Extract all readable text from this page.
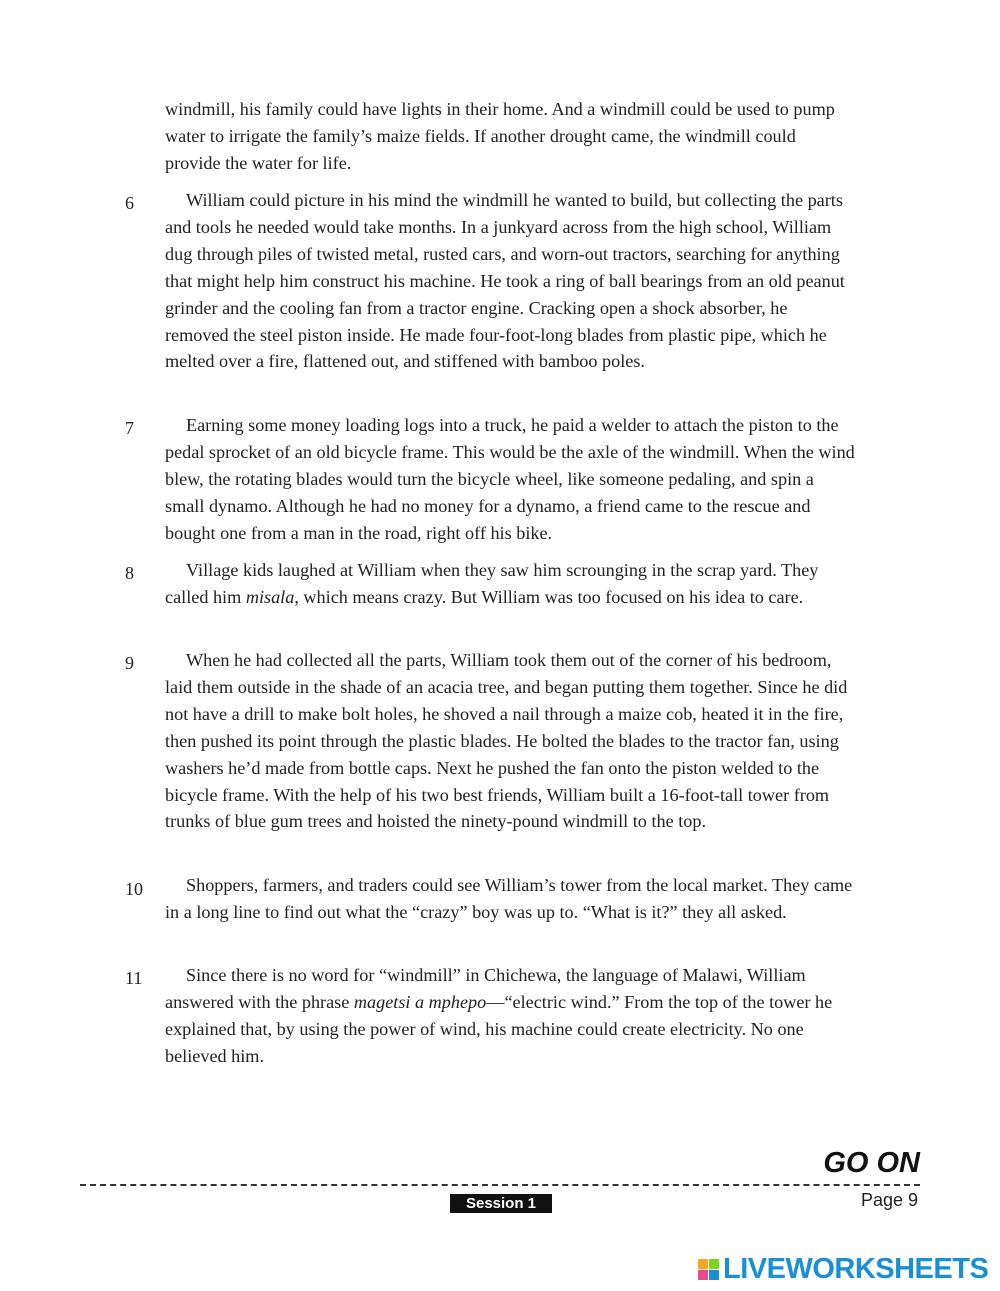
windmill, his family could have lights in their home. And a windmill could be used to pump water to irrigate the family’s maize fields. If another drought came, the windmill could provide the water for life.

6	William could picture in his mind the windmill he wanted to build, but collecting the parts and tools he needed would take months. In a junkyard across from the high school, William dug through piles of twisted metal, rusted cars, and worn-out tractors, searching for anything that might help him construct his machine. He took a ring of ball bearings from an old peanut grinder and the cooling fan from a tractor engine. Cracking open a shock absorber, he removed the steel piston inside. He made four-foot-long blades from plastic pipe, which he melted over a fire, flattened out, and stiffened with bamboo poles.

7	Earning some money loading logs into a truck, he paid a welder to attach the piston to the pedal sprocket of an old bicycle frame. This would be the axle of the windmill. When the wind blew, the rotating blades would turn the bicycle wheel, like someone pedaling, and spin a small dynamo. Although he had no money for a dynamo, a friend came to the rescue and bought one from a man in the road, right off his bike.

8	Village kids laughed at William when they saw him scrounging in the scrap yard. They called him misala, which means crazy. But William was too focused on his idea to care.

9	When he had collected all the parts, William took them out of the corner of his bedroom, laid them outside in the shade of an acacia tree, and began putting them together. Since he did not have a drill to make bolt holes, he shoved a nail through a maize cob, heated it in the fire, then pushed its point through the plastic blades. He bolted the blades to the tractor fan, using washers he’d made from bottle caps. Next he pushed the fan onto the piston welded to the bicycle frame. With the help of his two best friends, William built a 16-foot-tall tower from trunks of blue gum trees and hoisted the ninety-pound windmill to the top.

10	Shoppers, farmers, and traders could see William’s tower from the local market. They came in a long line to find out what the “crazy” boy was up to. “What is it?” they all asked.

11	Since there is no word for “windmill” in Chichewa, the language of Malawi, William answered with the phrase magetsi a mphepo—“electric wind.” From the top of the tower he explained that, by using the power of wind, his machine could create electricity. No one believed him.

GO ON
Session 1	Page 9
LIVEWORKSHEETS
